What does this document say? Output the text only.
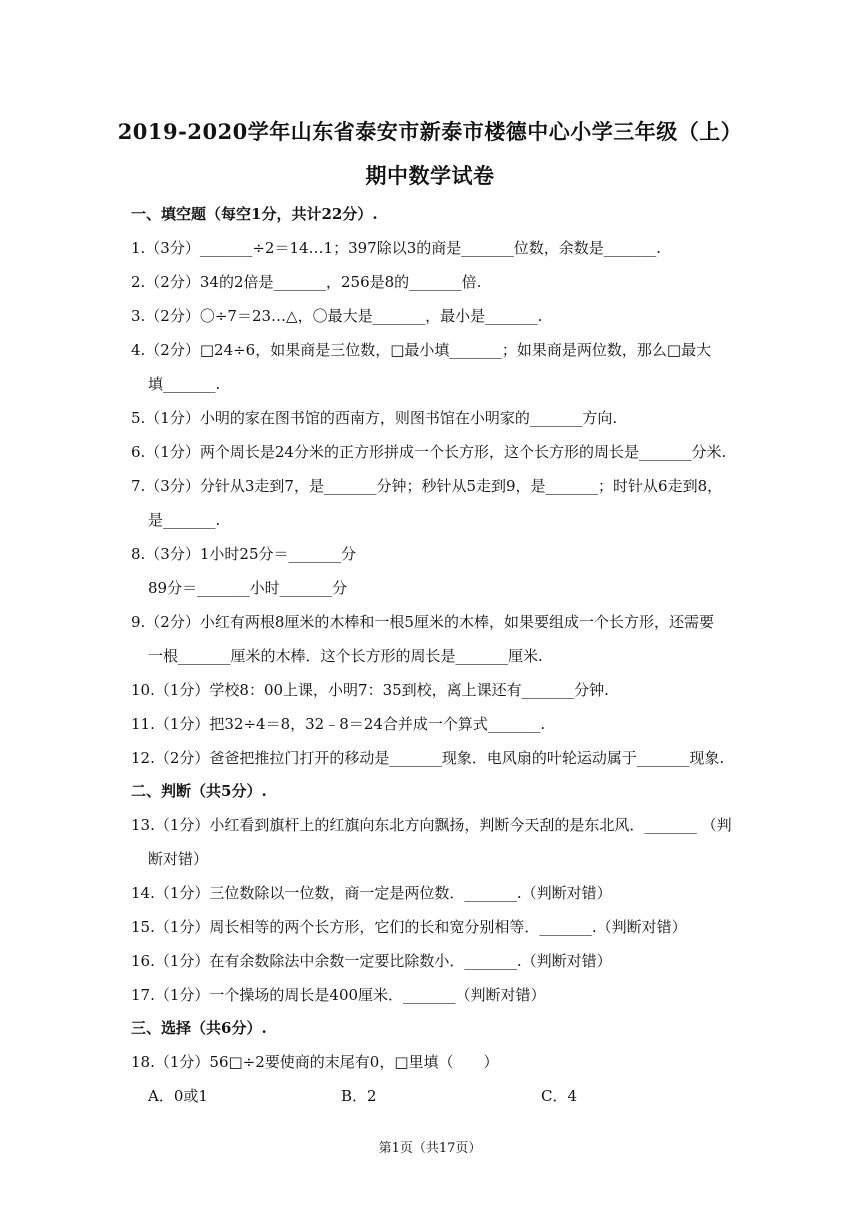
2019-2020学年山东省泰安市新泰市楼德中心小学三年级（上）
期中数学试卷
一、填空题（每空1分，共计22分）.
1.（3分）_______÷2＝14…1；397除以3的商是_______位数，余数是_______.
2.（2分）34的2倍是_______，256是8的_______倍.
3.（2分）〇÷7＝23…△，〇最大是_______，最小是_______.
4.（2分）□24÷6，如果商是三位数，□最小填_______；如果商是两位数，那么□最大
填_______.
5.（1分）小明的家在图书馆的西南方，则图书馆在小明家的_______方向.
6.（1分）两个周长是24分米的正方形拼成一个长方形，这个长方形的周长是_______分米.
7.（3分）分针从3走到7，是_______分钟；秒针从5走到9，是_______；时针从6走到8，
是_______.
8.（3分）1小时25分＝_______分
89分＝_______小时_______分
9.（2分）小红有两根8厘米的木棒和一根5厘米的木棒，如果要组成一个长方形，还需要
一根_______厘米的木棒．这个长方形的周长是_______厘米.
10.（1分）学校8：00上课，小明7：35到校，离上课还有_______分钟.
11.（1分）把32÷4＝8，32﹣8＝24合并成一个算式_______.
12.（2分）爸爸把推拉门打开的移动是_______现象．电风扇的叶轮运动属于_______现象.
二、判断（共5分）.
13.（1分）小红看到旗杆上的红旗向东北方向飘扬，判断今天刮的是东北风．_______ （判
断对错）
14.（1分）三位数除以一位数，商一定是两位数．_______.（判断对错）
15.（1分）周长相等的两个长方形，它们的长和宽分别相等．_______.（判断对错）
16.（1分）在有余数除法中余数一定要比除数小．_______.（判断对错）
17.（1分）一个操场的周长是400厘米．_______（判断对错）
三、选择（共6分）.
18.（1分）56□÷2要使商的末尾有0，□里填（　　）
A．0或1	B．2	C．4
第1页（共17页）
